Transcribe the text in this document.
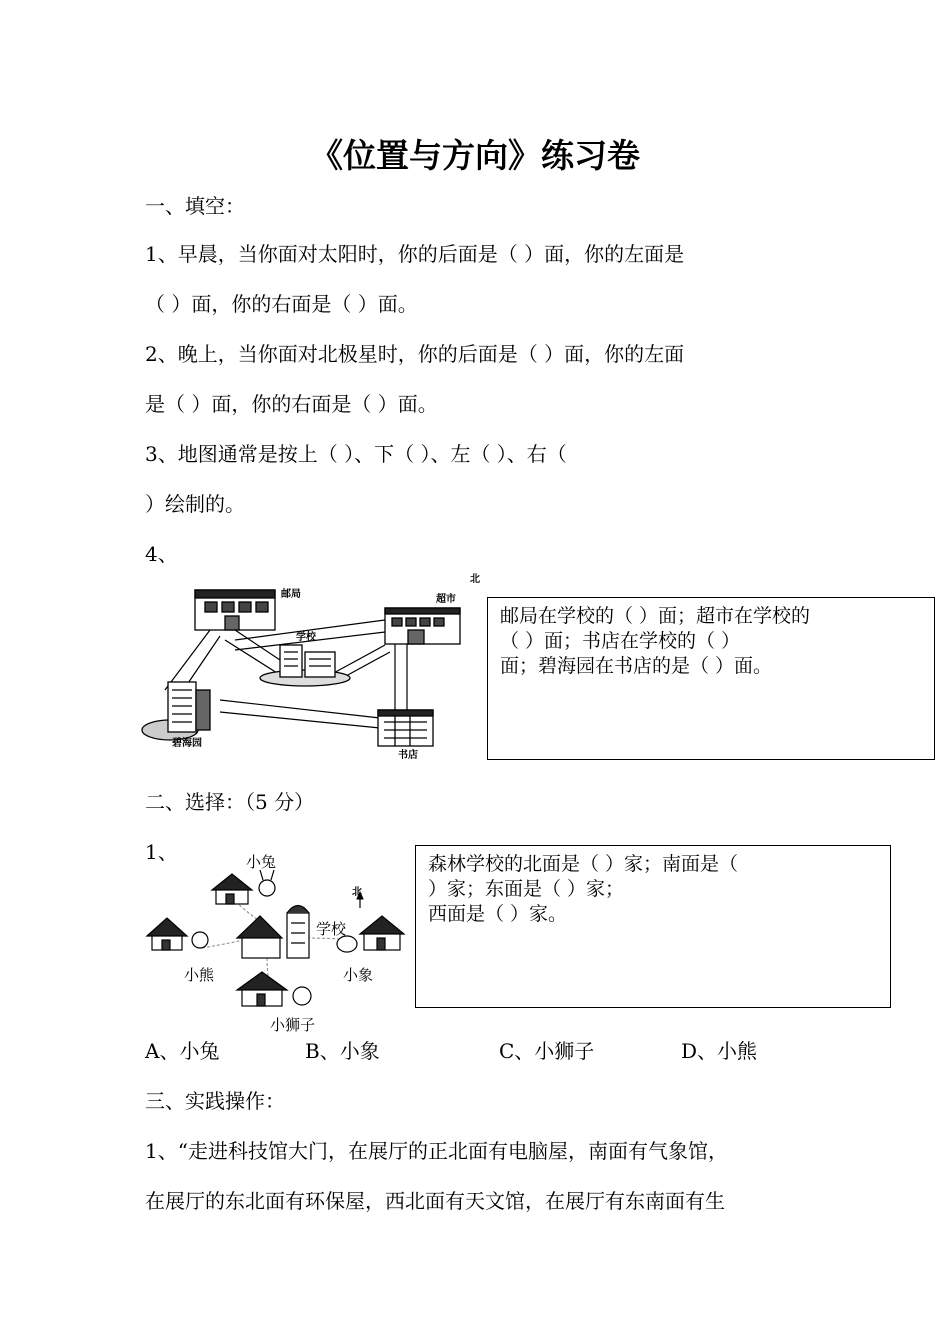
《位置与方向》练习卷
一、填空：
1、早晨，当你面对太阳时，你的后面是（ ）面，你的左面是
（ ）面，你的右面是（ ）面。
2、晚上，当你面对北极星时，你的后面是（ ）面，你的左面
是（ ）面，你的右面是（ ）面。
3、地图通常是按上（ ）、下（ ）、左（ ）、右（
）绘制的。
4、
邮局	超市
学校
碧海园
书店
北
邮局在学校的（ ）面；超市在学校的
（ ）面；书店在学校的（ ）
面；碧海园在书店的是（ ）面。
二、选择：（5 分）
1、	小兔
北
学校
小熊	小象
小狮子
森林学校的北面是（ ）家；南面是（
）家；东面是（ ）家；
西面是（ ）家。
A、小兔	B、小象	C、小狮子	D、小熊
三、实践操作：
1、“走进科技馆大门，在展厅的正北面有电脑屋，南面有气象馆，
在展厅的东北面有环保屋，西北面有天文馆，在展厅有东南面有生
